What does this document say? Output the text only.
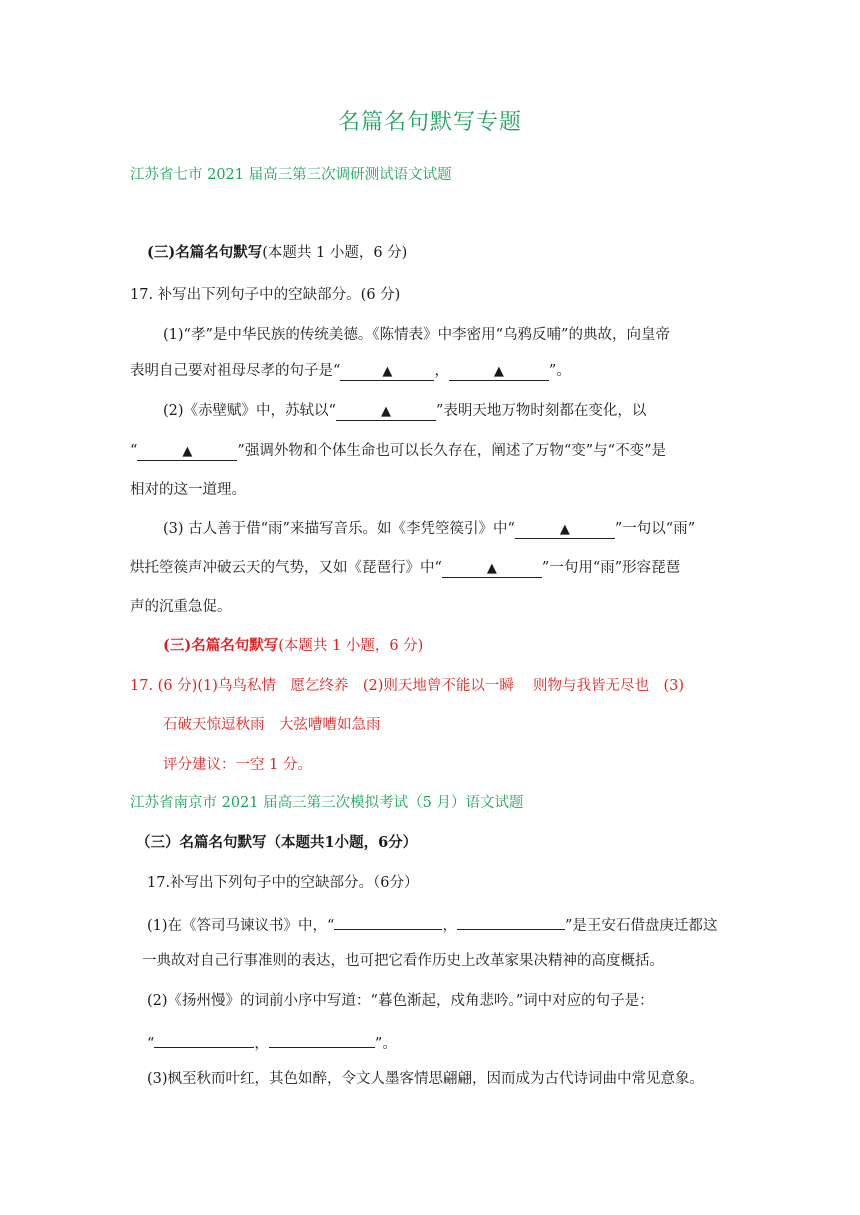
名篇名句默写专题
江苏省七市 2021 届高三第三次调研测试语文试题
(三)名篇名句默写(本题共 1 小题，6 分)
17. 补写出下列句子中的空缺部分。(6 分)
(1)“孝”是中华民族的传统美德。《陈情表》中李密用“乌鸦反哺”的典故，向皇帝
表明自己要对祖母尽孝的句子是“	▲	，	▲	”。
(2)《赤壁赋》中，苏轼以“	▲	”表明天地万物时刻都在变化，以
“	▲	”强调外物和个体生命也可以长久存在，阐述了万物“变”与“不变”是
相对的这一道理。
(3) 古人善于借“雨”来描写音乐。如《李凭箜篌引》中“	▲	”一句以“雨”
烘托箜篌声冲破云天的气势，又如《琵琶行》中“	▲	”一句用“雨”形容琵琶
声的沉重急促。
(三)名篇名句默写(本题共 1 小题，6 分)
17. (6 分)(1)乌鸟私情　愿乞终养　(2)则天地曾不能以一瞬　 则物与我皆无尽也　(3)
石破天惊逗秋雨　大弦嘈嘈如急雨
评分建议：一空 1 分。
江苏省南京市 2021 届高三第三次模拟考试（5 月）语文试题
（三）名篇名句默写（本题共1小题，6分）
17.补写出下列句子中的空缺部分。（6分）
(1)在《答司马谏议书》中，“	，	”是王安石借盘庚迁都这
一典故对自己行事准则的表达，也可把它看作历史上改革家果决精神的高度概括。
(2)《扬州慢》的词前小序中写道：“暮色渐起，戍角悲吟。”词中对应的句子是：
“	，	”。
(3)枫至秋而叶红，其色如醉，令文人墨客情思翩翩，因而成为古代诗词曲中常见意象。
